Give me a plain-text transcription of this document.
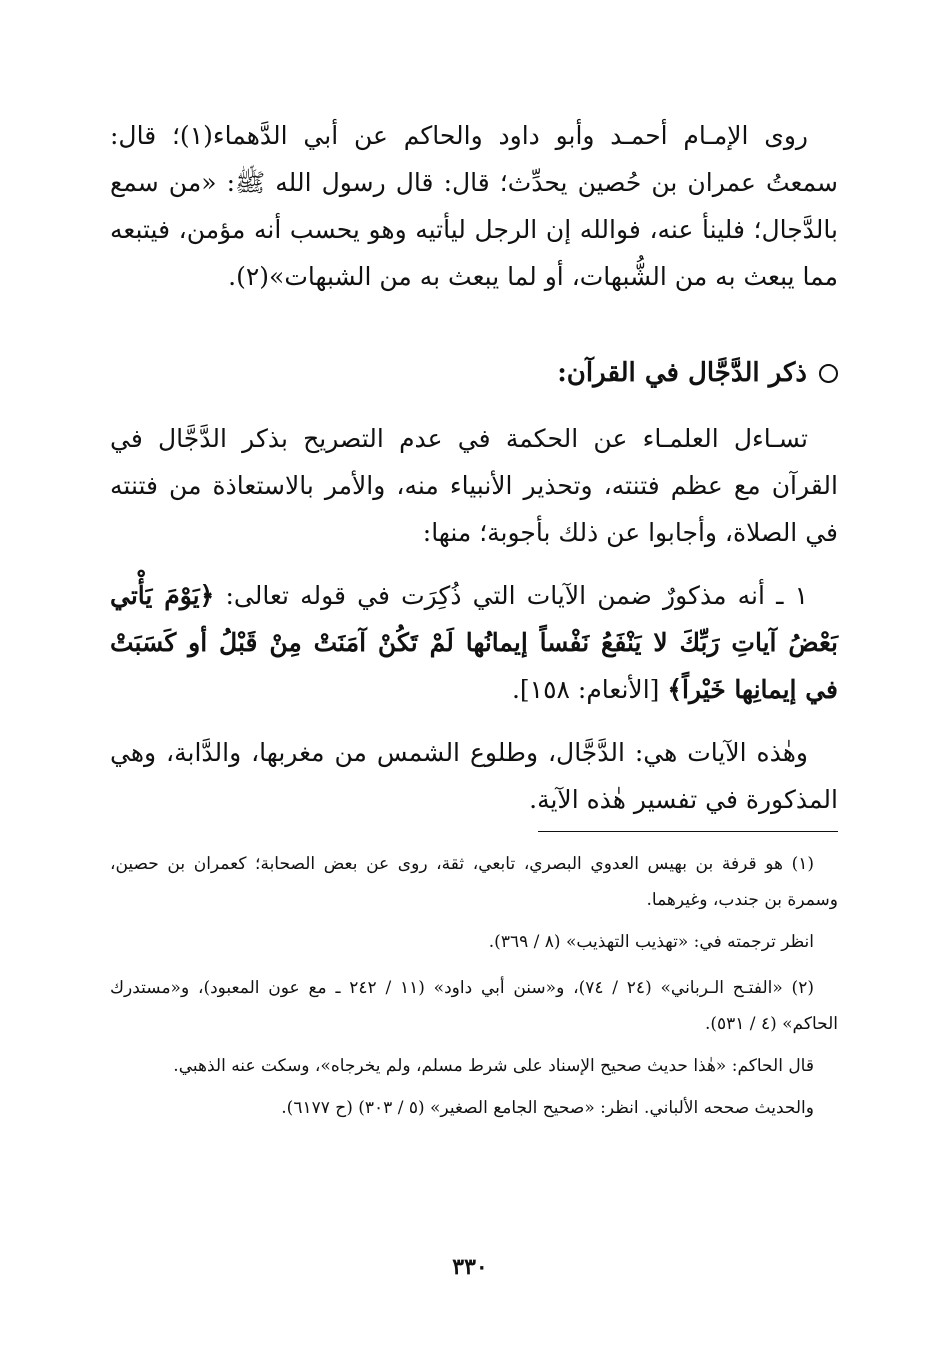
روى الإمـام أحمـد وأبو داود والحاكم عن أبي الدَّهماء(١)؛ قال: سمعتُ عمران بن حُصين يحدِّث؛ قال: قال رسول الله ﷺ: «من سمع بالدَّجال؛ فلينأ عنه، فوالله إن الرجل ليأتيه وهو يحسب أنه مؤمن، فيتبعه مما يبعث به من الشُّبهات، أو لما يبعث به من الشبهات»(٢).

ذكر الدَّجَّال في القرآن:

تسـاءل العلمـاء عن الحكمة في عدم التصريح بذكر الدَّجَّال في القرآن مع عظم فتنته، وتحذير الأنبياء منه، والأمر بالاستعاذة من فتنته في الصلاة، وأجابوا عن ذلك بأجوبة؛ منها:

١ ـ أنه مذكورٌ ضمن الآيات التي ذُكِرَت في قوله تعالى: ﴿يَوْمَ يَأْتي بَعْضُ آياتِ رَبِّكَ لا يَنْفَعُ نَفْساً إيمانُها لَمْ تَكُنْ آمَنَتْ مِنْ قَبْلُ أو كَسَبَتْ في إيمانِها خَيْراً﴾ [الأنعام: ١٥٨].

وهٰذه الآيات هي: الدَّجَّال، وطلوع الشمس من مغربها، والدَّابة، وهي المذكورة في تفسير هٰذه الآية.

(١) هو قرفة بن بهيس العدوي البصري، تابعي، ثقة، روى عن بعض الصحابة؛ كعمران بن حصين، وسمرة بن جندب، وغيرهما.

انظر ترجمته في: «تهذيب التهذيب» (٨ / ٣٦٩).

(٢) «الفتـح الـرباني» (٢٤ / ٧٤)، و«سنن أبي داود» (١١ / ٢٤٢ ـ مع عون المعبود)، و«مستدرك الحاكم» (٤ / ٥٣١).

قال الحاكم: «هٰذا حديث صحيح الإسناد على شرط مسلم، ولم يخرجاه»، وسكت عنه الذهبي.

والحديث صححه الألباني. انظر: «صحيح الجامع الصغير» (٥ / ٣٠٣) (ح ٦١٧٧).

٣٣٠
